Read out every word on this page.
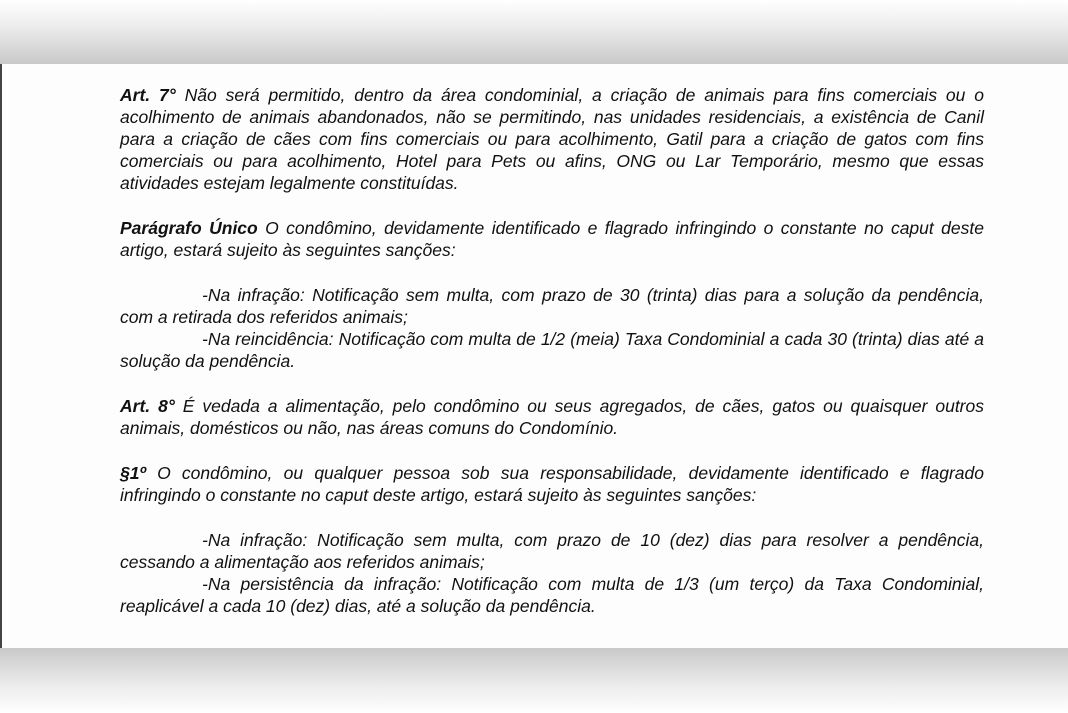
Art. 7° Não será permitido, dentro da área condominial, a criação de animais para fins comerciais ou o acolhimento de animais abandonados, não se permitindo, nas unidades residenciais, a existência de Canil para a criação de cães com fins comerciais ou para acolhimento, Gatil para a criação de gatos com fins comerciais ou para acolhimento, Hotel para Pets ou afins, ONG ou Lar Temporário, mesmo que essas atividades estejam legalmente constituídas.

Parágrafo Único O condômino, devidamente identificado e flagrado infringindo o constante no caput deste artigo, estará sujeito às seguintes sanções:

-Na infração: Notificação sem multa, com prazo de 30 (trinta) dias para a solução da pendência, com a retirada dos referidos animais;

-Na reincidência: Notificação com multa de 1/2 (meia) Taxa Condominial a cada 30 (trinta) dias até a solução da pendência.

Art. 8° É vedada a alimentação, pelo condômino ou seus agregados, de cães, gatos ou quaisquer outros animais, domésticos ou não, nas áreas comuns do Condomínio.

§1º O condômino, ou qualquer pessoa sob sua responsabilidade, devidamente identificado e flagrado infringindo o constante no caput deste artigo, estará sujeito às seguintes sanções:

-Na infração: Notificação sem multa, com prazo de 10 (dez) dias para resolver a pendência, cessando a alimentação aos referidos animais;

-Na persistência da infração: Notificação com multa de 1/3 (um terço) da Taxa Condominial, reaplicável a cada 10 (dez) dias, até a solução da pendência.
